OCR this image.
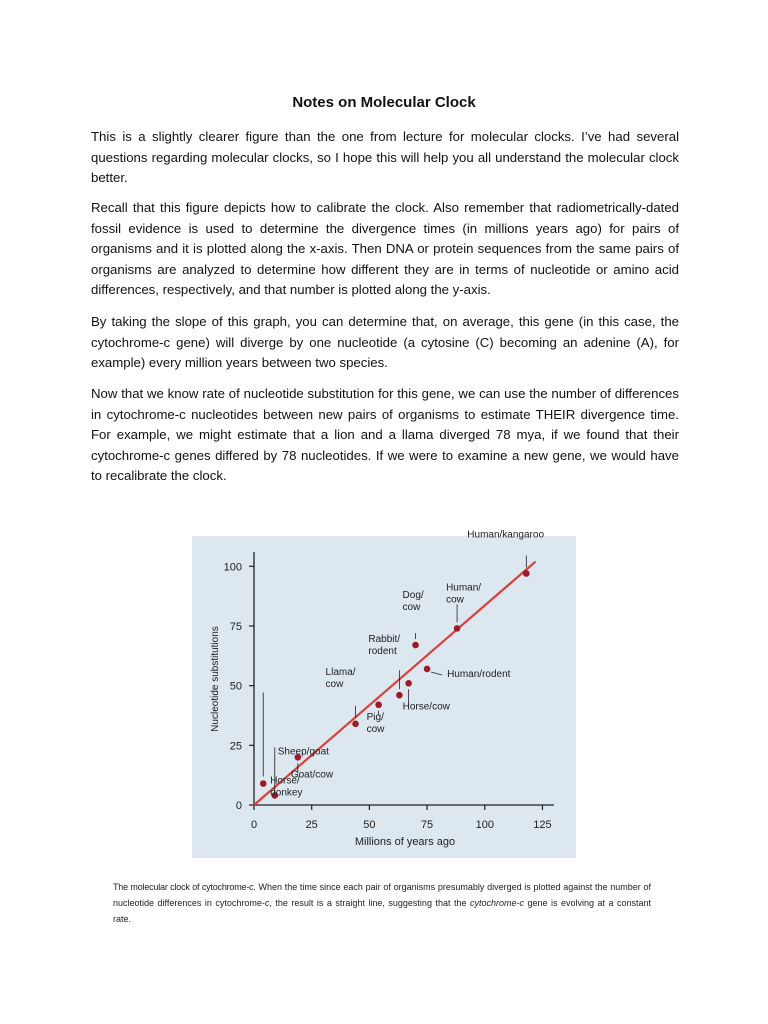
Notes on Molecular Clock

This is a slightly clearer figure than the one from lecture for molecular clocks. I’ve had several questions regarding molecular clocks, so I hope this will help you all understand the molecular clock better.

Recall that this figure depicts how to calibrate the clock. Also remember that radiometrically-dated fossil evidence is used to determine the divergence times (in millions years ago) for pairs of organisms and it is plotted along the x-axis. Then DNA or protein sequences from the same pairs of organisms are analyzed to determine how different they are in terms of nucleotide or amino acid differences, respectively, and that number is plotted along the y-axis.

By taking the slope of this graph, you can determine that, on average, this gene (in this case, the cytochrome-c gene) will diverge by one nucleotide (a cytosine (C) becoming an adenine (A), for example) every million years between two species.

Now that we know rate of nucleotide substitution for this gene, we can use the number of differences in cytochrome-c nucleotides between new pairs of organisms to estimate THEIR divergence time. For example, we might estimate that a lion and a llama diverged 78 mya, if we found that their cytochrome-c genes differed by 78 nucleotides. If we were to examine a new gene, we would have to recalibrate the clock.

0	25	50	75	100	125
0
25
50
75
100
Horse/ donkey
Sheep/goat
Goat/cow
Llama/ cow
Pig/ cow
Rabbit/ rodent
Horse/cow
Dog/ cow
Human/rodent
Human/ cow
Human/kangaroo
Millions of years ago
Nucleotide substitutions

The molecular clock of cytochrome-c. When the time since each pair of organisms presumably diverged is plotted against the number of nucleotide differences in cytochrome-c, the result is a straight line, suggesting that the cytochrome-c gene is evolving at a constant rate.
